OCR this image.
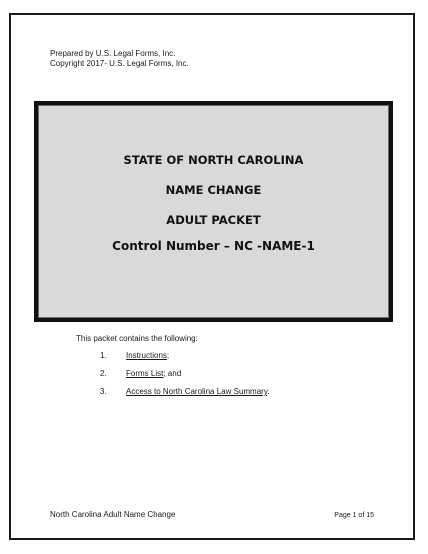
Prepared by U.S. Legal Forms, Inc.
Copyright 2017- U.S. Legal Forms, Inc.
STATE OF NORTH CAROLINA
NAME CHANGE
ADULT PACKET
Control Number – NC -NAME-1
This packet contains the following:
1. Instructions;
2. Forms List; and
3. Access to North Carolina Law Summary.
North Carolina Adult Name Change	Page 1 of 15
